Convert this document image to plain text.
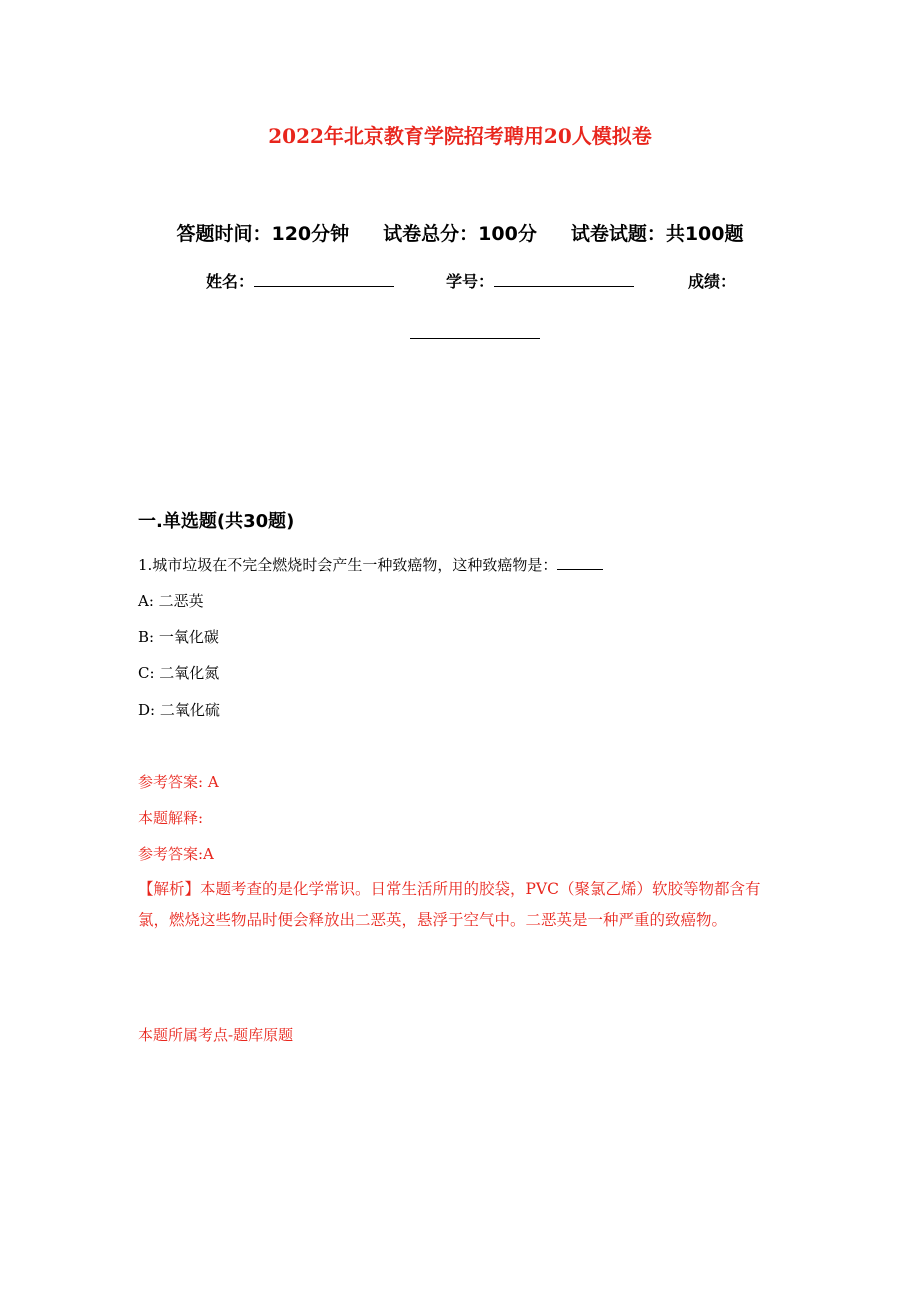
2022年北京教育学院招考聘用20人模拟卷
答题时间：120分钟 试卷总分：100分 试卷试题：共100题
姓名：	学号：	成绩：
一.单选题(共30题)
1.城市垃圾在不完全燃烧时会产生一种致癌物，这种致癌物是：
A: 二恶英
B: 一氧化碳
C: 二氧化氮
D: 二氧化硫
参考答案: A
本题解释:
参考答案:A
【解析】本题考查的是化学常识。日常生活所用的胶袋，PVC（聚氯乙烯）软胶等物都含有氯，燃烧这些物品时便会释放出二恶英，悬浮于空气中。二恶英是一种严重的致癌物。
本题所属考点-题库原题
